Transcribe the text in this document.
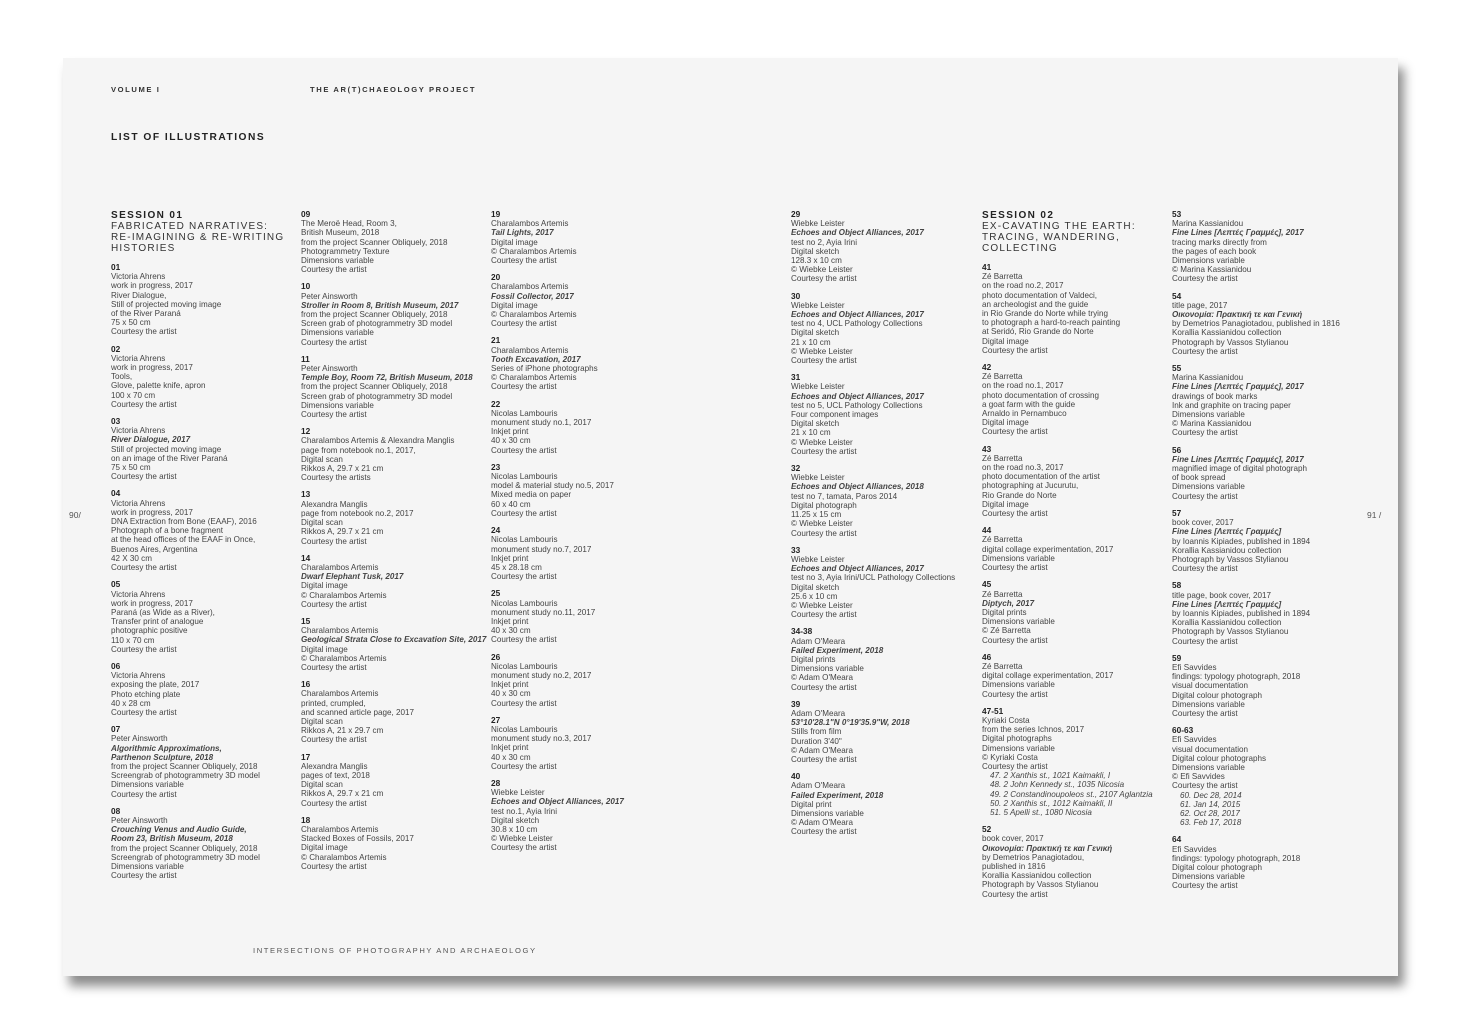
VOLUME I	THE AR(T)CHAEOLOGY PROJECT
LIST OF ILLUSTRATIONS
90/
INTERSECTIONS OF PHOTOGRAPHY AND ARCHAEOLOGY
SESSION 01
FABRICATED NARRATIVES:
RE-IMAGINING & RE-WRITING
HISTORIES
01
Victoria Ahrens
work in progress, 2017
River Dialogue,
Still of projected moving image
of the River Paraná
75 x 50 cm
Courtesy the artist
02
Victoria Ahrens
work in progress, 2017
Tools,
Glove, palette knife, apron
100 x 70 cm
Courtesy the artist
03
Victoria Ahrens
River Dialogue, 2017
Still of projected moving image
on an image of the River Paraná
75 x 50 cm
Courtesy the artist
04
Victoria Ahrens
work in progress, 2017
DNA Extraction from Bone (EAAF), 2016
Photograph of a bone fragment
at the head offices of the EAAF in Once,
Buenos Aires, Argentina
42 X 30 cm
Courtesy the artist
05
Victoria Ahrens
work in progress, 2017
Paraná (as Wide as a River),
Transfer print of analogue
photographic positive
110 x 70 cm
Courtesy the artist
06
Victoria Ahrens
exposing the plate, 2017
Photo etching plate
40 x 28 cm
Courtesy the artist
07
Peter Ainsworth
Algorithmic Approximations,
Parthenon Sculpture, 2018
from the project Scanner Obliquely, 2018
Screengrab of photogrammetry 3D model
Dimensions variable
Courtesy the artist
08
Peter Ainsworth
Crouching Venus and Audio Guide,
Room 23, British Museum, 2018
from the project Scanner Obliquely, 2018
Screengrab of photogrammetry 3D model
Dimensions variable
Courtesy the artist
09
The Meroë Head, Room 3,
British Museum, 2018
from the project Scanner Obliquely, 2018
Photogrammetry Texture
Dimensions variable
Courtesy the artist
10
Peter Ainsworth
Stroller in Room 8, British Museum, 2017
from the project Scanner Obliquely, 2018
Screen grab of photogrammetry 3D model
Dimensions variable
Courtesy the artist
11
Peter Ainsworth
Temple Boy, Room 72, British Museum, 2018
from the project Scanner Obliquely, 2018
Screen grab of photogrammetry 3D model
Dimensions variable
Courtesy the artist
12
Charalambos Artemis & Alexandra Manglis
page from notebook no.1, 2017,
Digital scan
Rikkos A, 29.7 x 21 cm
Courtesy the artists
13
Alexandra Manglis
page from notebook no.2, 2017
Digital scan
Rikkos A, 29.7 x 21 cm
Courtesy the artist
14
Charalambos Artemis
Dwarf Elephant Tusk, 2017
Digital image
© Charalambos Artemis
Courtesy the artist
15
Charalambos Artemis
Geological Strata Close to Excavation Site, 2017
Digital image
© Charalambos Artemis
Courtesy the artist
16
Charalambos Artemis
printed, crumpled,
and scanned article page, 2017
Digital scan
Rikkos A, 21 x 29.7 cm
Courtesy the artist
17
Alexandra Manglis
pages of text, 2018
Digital scan
Rikkos A, 29.7 x 21 cm
Courtesy the artist
18
Charalambos Artemis
Stacked Boxes of Fossils, 2017
Digital image
© Charalambos Artemis
Courtesy the artist
19
Charalambos Artemis
Tail Lights, 2017
Digital image
© Charalambos Artemis
Courtesy the artist
20
Charalambos Artemis
Fossil Collector, 2017
Digital image
© Charalambos Artemis
Courtesy the artist
21
Charalambos Artemis
Tooth Excavation, 2017
Series of iPhone photographs
© Charalambos Artemis
Courtesy the artist
22
Nicolas Lambouris
monument study no.1, 2017
Inkjet print
40 x 30 cm
Courtesy the artist
23
Nicolas Lambouris
model & material study no.5, 2017
Mixed media on paper
60 x 40 cm
Courtesy the artist
24
Nicolas Lambouris
monument study no.7, 2017
Inkjet print
45 x 28.18 cm
Courtesy the artist
25
Nicolas Lambouris
monument study no.11, 2017
Inkjet print
40 x 30 cm
Courtesy the artist
26
Nicolas Lambouris
monument study no.2, 2017
Inkjet print
40 x 30 cm
Courtesy the artist
27
Nicolas Lambouris
monument study no.3, 2017
Inkjet print
40 x 30 cm
Courtesy the artist
28
Wiebke Leister
Echoes and Object Alliances, 2017
test no.1, Ayia Irini
Digital sketch
30.8 x 10 cm
© Wiebke Leister
Courtesy the artist
91 /
29
Wiebke Leister
Echoes and Object Alliances, 2017
test no 2, Ayia Irini
Digital sketch
128.3 x 10 cm
© Wiebke Leister
Courtesy the artist
30
Wiebke Leister
Echoes and Object Alliances, 2017
test no 4, UCL Pathology Collections
Digital sketch
21 x 10 cm
© Wiebke Leister
Courtesy the artist
31
Wiebke Leister
Echoes and Object Alliances, 2017
test no 5, UCL Pathology Collections
Four component images
Digital sketch
21 x 10 cm
© Wiebke Leister
Courtesy the artist
32
Wiebke Leister
Echoes and Object Alliances, 2018
test no 7, tamata, Paros 2014
Digital photograph
11.25 x 15 cm
© Wiebke Leister
Courtesy the artist
33
Wiebke Leister
Echoes and Object Alliances, 2017
test no 3, Ayia Irini/UCL Pathology Collections
Digital sketch
25.6 x 10 cm
© Wiebke Leister
Courtesy the artist
34-38
Adam O'Meara
Failed Experiment, 2018
Digital prints
Dimensions variable
© Adam O'Meara
Courtesy the artist
39
Adam O'Meara
53°10'28.1"N 0°19'35.9"W, 2018
Stills from film
Duration 3'40"
© Adam O'Meara
Courtesy the artist
40
Adam O'Meara
Failed Experiment, 2018
Digital print
Dimensions variable
© Adam O'Meara
Courtesy the artist
SESSION 02
EX-CAVATING THE EARTH:
TRACING, WANDERING,
COLLECTING
41
Zé Barretta
on the road no.2, 2017
photo documentation of Valdeci,
an archeologist and the guide
in Rio Grande do Norte while trying
to photograph a hard-to-reach painting
at Seridó, Rio Grande do Norte
Digital image
Courtesy the artist
42
Zé Barretta
on the road no.1, 2017
photo documentation of crossing
a goat farm with the guide
Arnaldo in Pernambuco
Digital image
Courtesy the artist
43
Zé Barretta
on the road no.3, 2017
photo documentation of the artist
photographing at Jucurutu,
Rio Grande do Norte
Digital image
Courtesy the artist
44
Zé Barretta
digital collage experimentation, 2017
Dimensions variable
Courtesy the artist
45
Zé Barretta
Diptych, 2017
Digital prints
Dimensions variable
© Zé Barretta
Courtesy the artist
46
Zé Barretta
digital collage experimentation, 2017
Dimensions variable
Courtesy the artist
47-51
Kyriaki Costa
from the series Ichnos, 2017
Digital photographs
Dimensions variable
© Kyriaki Costa
Courtesy the artist
47. 2 Xanthis st., 1021 Kaimakli, I
48. 2 John Kennedy st., 1035 Nicosia
49. 2 Constandinoupoleos st., 2107 Aglantzia
50. 2 Xanthis st., 1012 Kaimakli, II
51. 5 Apelli st., 1080 Nicosia
52
book cover, 2017
Οικονομία: Πρακτική τε και Γενική
by Demetrios Panagiotadou,
published in 1816
Korallia Kassianidou collection
Photograph by Vassos Stylianou
Courtesy the artist
53
Marina Kassianidou
Fine Lines [Λεπτές Γραμμές], 2017
tracing marks directly from
the pages of each book
Dimensions variable
© Marina Kassianidou
Courtesy the artist
54
title page, 2017
Οικονομία: Πρακτική τε και Γενική
by Demetrios Panagiotadou, published in 1816
Korallia Kassianidou collection
Photograph by Vassos Stylianou
Courtesy the artist
55
Marina Kassianidou
Fine Lines [Λεπτές Γραμμές], 2017
drawings of book marks
Ink and graphite on tracing paper
Dimensions variable
© Marina Kassianidou
Courtesy the artist
56
Fine Lines [Λεπτές Γραμμές], 2017
magnified image of digital photograph
of book spread
Dimensions variable
Courtesy the artist
57
book cover, 2017
Fine Lines [Λεπτές Γραμμές]
by Ioannis Kipiades, published in 1894
Korallia Kassianidou collection
Photograph by Vassos Stylianou
Courtesy the artist
58
title page, book cover, 2017
Fine Lines [Λεπτές Γραμμές]
by Ioannis Kipiades, published in 1894
Korallia Kassianidou collection
Photograph by Vassos Stylianou
Courtesy the artist
59
Efi Savvides
findings: typology photograph, 2018
visual documentation
Digital colour photograph
Dimensions variable
Courtesy the artist
60-63
Efi Savvides
visual documentation
Digital colour photographs
Dimensions variable
© Efi Savvides
Courtesy the artist
60. Dec 28, 2014
61. Jan 14, 2015
62. Oct 28, 2017
63. Feb 17, 2018
64
Efi Savvides
findings: typology photograph, 2018
Digital colour photograph
Dimensions variable
Courtesy the artist
